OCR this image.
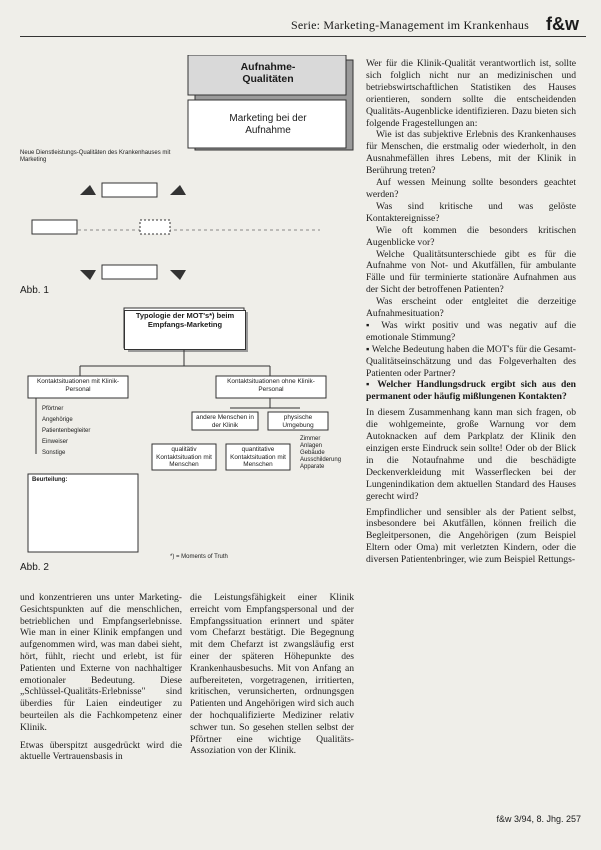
Serie: Marketing-Management im Krankenhaus f&w
Aufnahme-
Qualitäten
Marketing bei der
Aufnahme
Neue Dienstleistungs-Qualitäten des Krankenhauses mit Marketing
Abb. 1
Typologie der MOT's*) beim Empfangs-Marketing
Kontaktsituationen mit Klinik-Personal
Kontaktsituationen ohne Klinik-Personal
andere Menschen in der Klinik
physische Umgebung
qualitätiv Kontaktsituation mit Menschen
quantitative Kontaktsituation mit Menschen
Pförtner
Angehörige
Patientenbegleiter
Einweiser
Sonstige
Zimmer
Anlagen
Gebäude
Ausschilderung
Apparate
Beurteilung:
*) = Moments of Truth
Abb. 2

Wer für die Klinik-Qualität verantwortlich ist, sollte sich folglich nicht nur an medizinischen und betriebswirtschaftlichen Statistiken des Hauses orientieren, sondern sollte die entscheidenden Qualitäts-Augenblicke identifizieren. Dazu bieten sich folgende Fragestellungen an:

Wie ist das subjektive Erlebnis des Krankenhauses für Menschen, die erstmalig oder wiederholt, in den Ausnahmefällen ihres Lebens, mit der Klinik in Berührung treten?

Auf wessen Meinung sollte besonders geachtet werden?

Was sind kritische und was gelöste Kontaktereignisse?

Wie oft kommen die besonders kritischen Augenblicke vor?

Welche Qualitätsunterschiede gibt es für die Aufnahme von Not- und Akutfällen, für ambulante Fälle und für terminierte stationäre Aufnahmen aus der Sicht der betroffenen Patienten?

Was erscheint oder entgleitet die derzeitige Aufnahmesituation?

▪ Was wirkt positiv und was negativ auf die emotionale Stimmung?

▪ Welche Bedeutung haben die MOT's für die Gesamt-Qualitätseinschätzung und das Folgeverhalten des Patienten oder Partner?

▪ Welcher Handlungsdruck ergibt sich aus den permanent oder häufig mißlungenen Kontakten?

In diesem Zusammenhang kann man sich fragen, ob die wohlgemeinte, große Warnung vor dem Autoknacken auf dem Parkplatz der Klinik den einzigen erste Eindruck sein sollte! Oder ob der Blick in die Notaufnahme und die beschädigte Deckenverkleidung mit Wasserflecken bei der Lungenindikation dem aktuellen Standard des Hauses gerecht wird?

Empfindlicher und sensibler als der Patient selbst, insbesondere bei Akutfällen, können freilich die Begleitpersonen, die Angehörigen (zum Beispiel Eltern oder Oma) mit verletzten Kindern, oder die diversen Patientenbringer, wie zum Beispiel Rettungs-

und konzentrieren uns unter Marketing-Gesichtspunkten auf die menschlichen, betrieblichen und Empfangserlebnisse. Wie man in einer Klinik empfangen und aufgenommen wird, was man dabei sieht, hört, fühlt, riecht und erlebt, ist für Patienten und Externe von nachhaltiger emotionaler Bedeutung. Diese „Schlüssel-Qualitäts-Erlebnisse" sind überdies für Laien eindeutiger zu beurteilen als die Fachkompetenz einer Klinik.

Etwas überspitzt ausgedrückt wird die aktuelle Vertrauensbasis in

die Leistungsfähigkeit einer Klinik erreicht vom Empfangspersonal und der Empfangssituation erinnert und später vom Chefarzt bestätigt. Die Begegnung mit dem Chefarzt ist zwangsläufig erst einer der späteren Höhepunkte des Krankenhausbesuchs. Mit von Anfang an aufbereiteten, vorgetragenen, irritierten, kritischen, verunsicherten, ordnungsgen Patienten und Angehörigen wird sich auch der hochqualifizierte Mediziner relativ schwer tun. So gesehen stellen selbst der Pförtner eine wichtige Qualitäts-Assoziation von der Klinik.

f&w 3/94, 8. Jhg. 257
